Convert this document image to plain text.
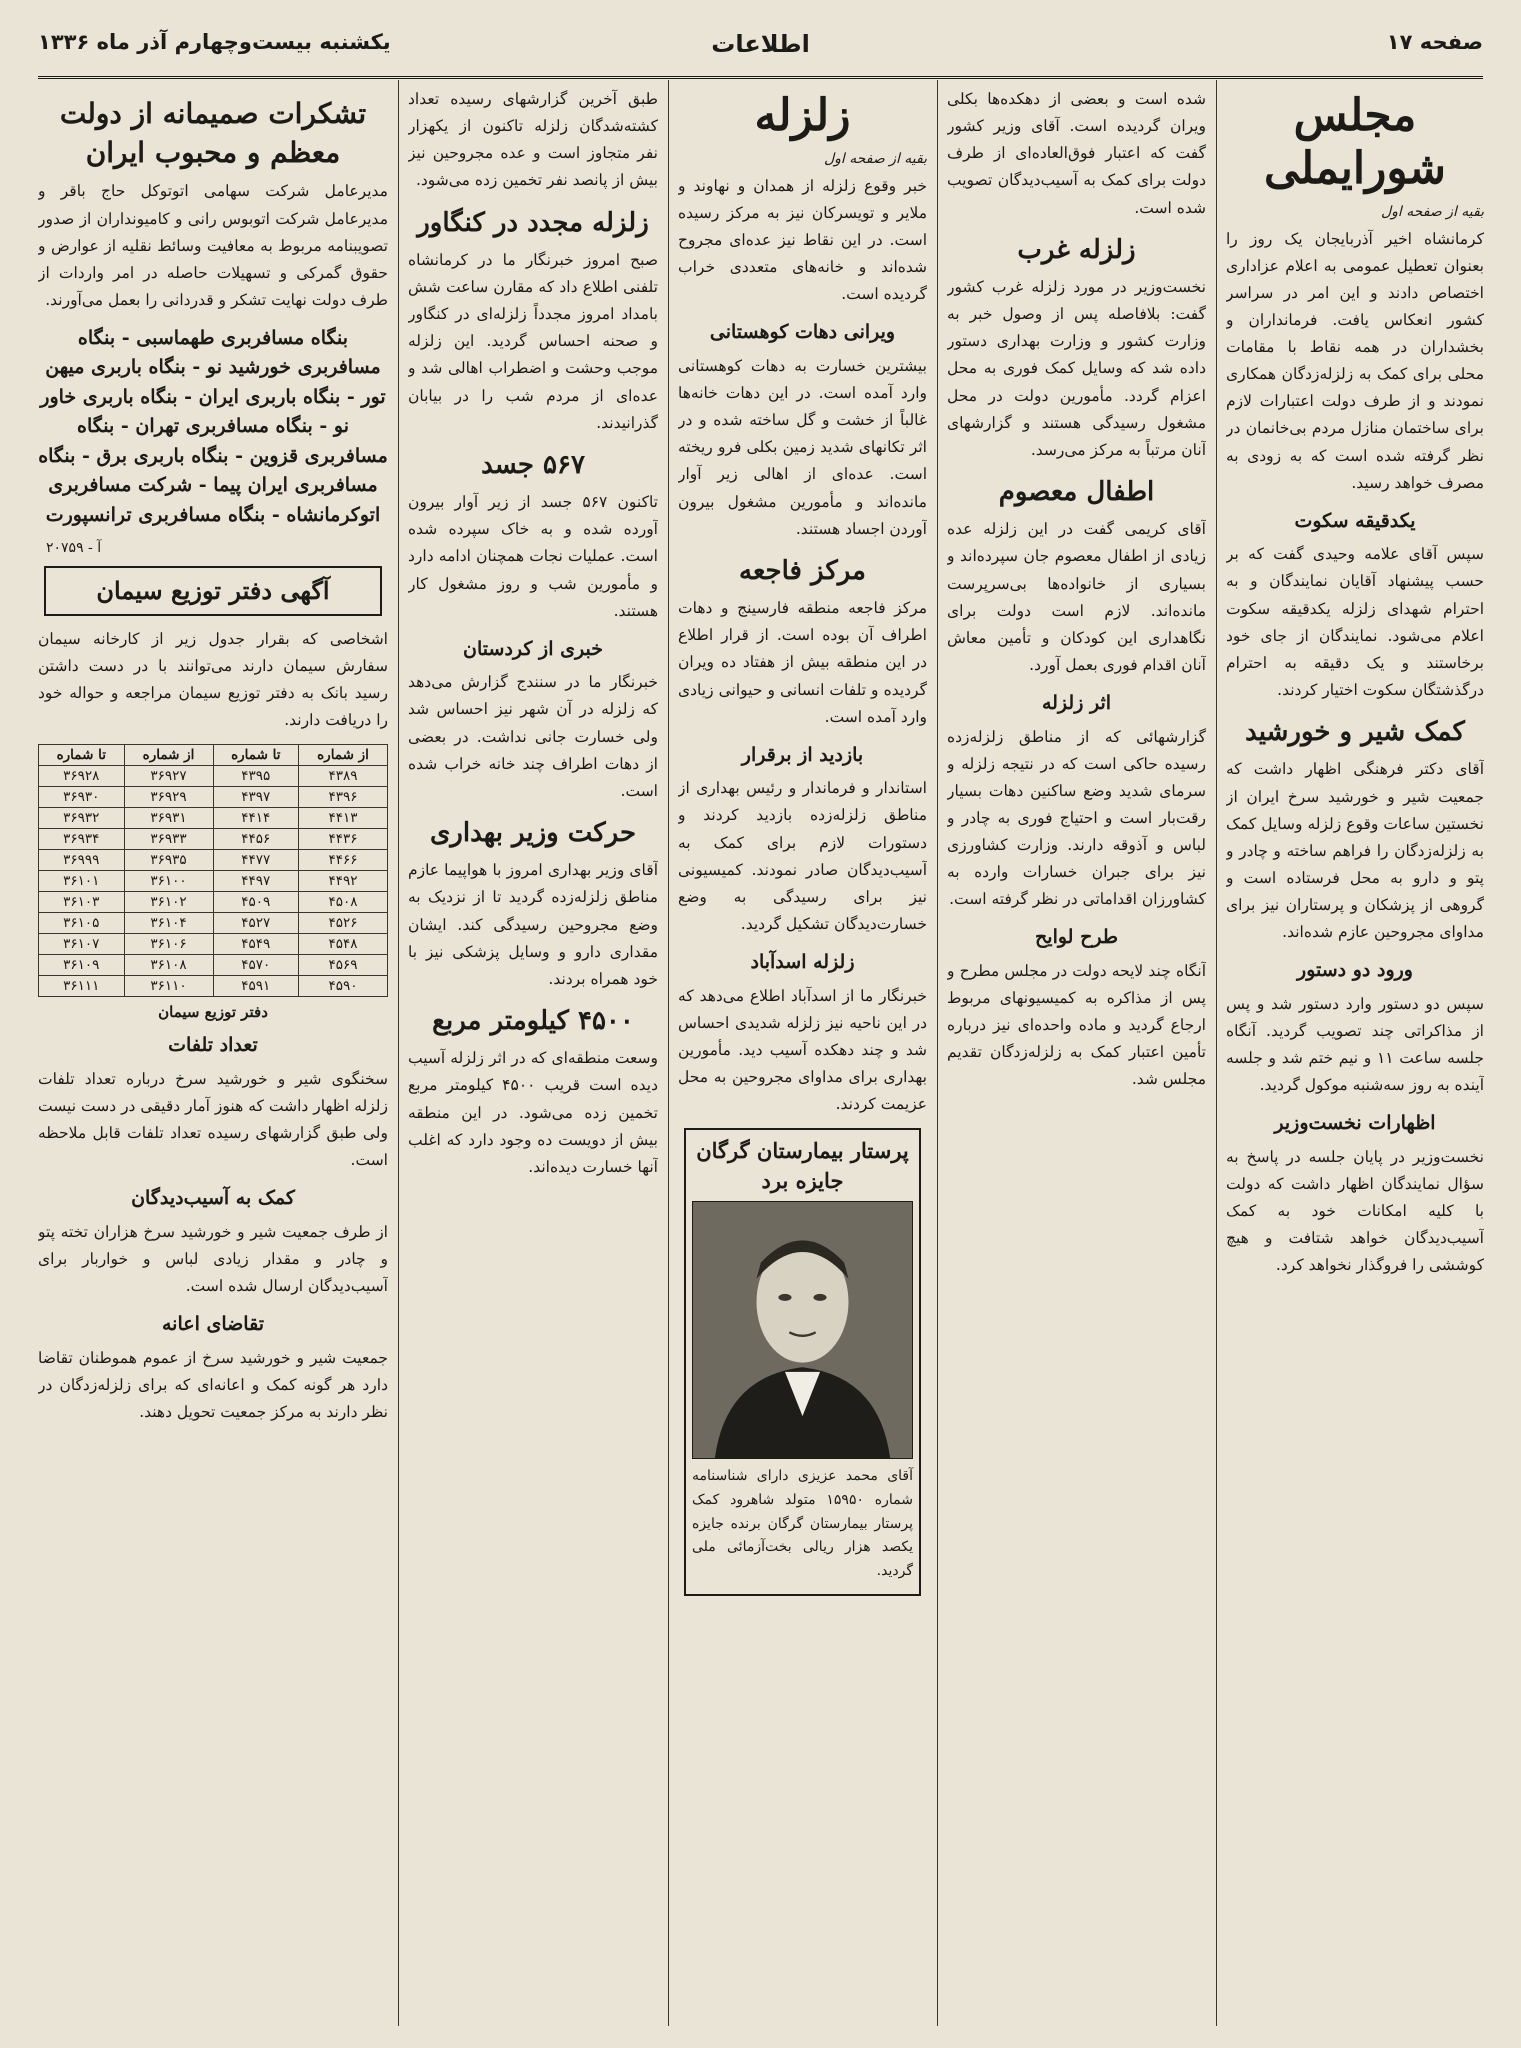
یکشنبه بیست‌وچهارم آذر ماه ۱۳۳۶	اطلاعات	صفحه ۱۷
مجلس شورایملی
بقیه از صفحه اول

کرمانشاه اخیر آذربایجان یک روز را بعنوان تعطیل عمومی به اعلام عزاداری اختصاص دادند و این امر در سراسر کشور انعکاس یافت. فرمانداران و بخشداران در همه نقاط با مقامات محلی برای کمک به زلزله‌زدگان همکاری نمودند و از طرف دولت اعتبارات لازم برای ساختمان منازل مردم بی‌خانمان در نظر گرفته شده است که به زودی به مصرف خواهد رسید.

یکدقیقه سکوت

سپس آقای علامه وحیدی گفت که بر حسب پیشنهاد آقایان نمایندگان و به احترام شهدای زلزله یکدقیقه سکوت اعلام می‌شود. نمایندگان از جای خود برخاستند و یک دقیقه به احترام درگذشتگان سکوت اختیار کردند.

کمک شیر و خورشید

آقای دکتر فرهنگی اظهار داشت که جمعیت شیر و خورشید سرخ ایران از نخستین ساعات وقوع زلزله وسایل کمک به زلزله‌زدگان را فراهم ساخته و چادر و پتو و دارو به محل فرستاده است و گروهی از پزشکان و پرستاران نیز برای مداوای مجروحین عازم شده‌اند.

ورود دو دستور

سپس دو دستور وارد دستور شد و پس از مذاکراتی چند تصویب گردید. آنگاه جلسه ساعت ۱۱ و نیم ختم شد و جلسه آینده به روز سه‌شنبه موکول گردید.

اظهارات نخست‌وزیر

نخست‌وزیر در پایان جلسه در پاسخ به سؤال نمایندگان اظهار داشت که دولت با کلیه امکانات خود به کمک آسیب‌دیدگان خواهد شتافت و هیچ کوششی را فروگذار نخواهد کرد.

شده است و بعضی از دهکده‌ها بکلی ویران گردیده است. آقای وزیر کشور گفت که اعتبار فوق‌العاده‌ای از طرف دولت برای کمک به آسیب‌دیدگان تصویب شده است.

زلزله غرب

نخست‌وزیر در مورد زلزله غرب کشور گفت: بلافاصله پس از وصول خبر به وزارت کشور و وزارت بهداری دستور داده شد که وسایل کمک فوری به محل اعزام گردد. مأمورین دولت در محل مشغول رسیدگی هستند و گزارشهای آنان مرتباً به مرکز می‌رسد.

اطفال معصوم

آقای کریمی گفت در این زلزله عده زیادی از اطفال معصوم جان سپرده‌اند و بسیاری از خانواده‌ها بی‌سرپرست مانده‌اند. لازم است دولت برای نگاهداری این کودکان و تأمین معاش آنان اقدام فوری بعمل آورد.

اثر زلزله

گزارشهائی که از مناطق زلزله‌زده رسیده حاکی است که در نتیجه زلزله و سرمای شدید وضع ساکنین دهات بسیار رقت‌بار است و احتیاج فوری به چادر و لباس و آذوقه دارند. وزارت کشاورزی نیز برای جبران خسارات وارده به کشاورزان اقداماتی در نظر گرفته است.

طرح لوایح

آنگاه چند لایحه دولت در مجلس مطرح و پس از مذاکره به کمیسیونهای مربوط ارجاع گردید و ماده واحده‌ای نیز درباره تأمین اعتبار کمک به زلزله‌زدگان تقدیم مجلس شد.

زلزله
بقیه از صفحه اول

خبر وقوع زلزله از همدان و نهاوند و ملایر و تویسرکان نیز به مرکز رسیده است. در این نقاط نیز عده‌ای مجروح شده‌اند و خانه‌های متعددی خراب گردیده است.

ویرانی دهات کوهستانی

بیشترین خسارت به دهات کوهستانی وارد آمده است. در این دهات خانه‌ها غالباً از خشت و گل ساخته شده و در اثر تکانهای شدید زمین بکلی فرو ریخته است. عده‌ای از اهالی زیر آوار مانده‌اند و مأمورین مشغول بیرون آوردن اجساد هستند.

مرکز فاجعه

مرکز فاجعه منطقه فارسینج و دهات اطراف آن بوده است. از قرار اطلاع در این منطقه بیش از هفتاد ده ویران گردیده و تلفات انسانی و حیوانی زیادی وارد آمده است.

بازدید از برقرار

استاندار و فرماندار و رئیس بهداری از مناطق زلزله‌زده بازدید کردند و دستورات لازم برای کمک به آسیب‌دیدگان صادر نمودند. کمیسیونی نیز برای رسیدگی به وضع خسارت‌دیدگان تشکیل گردید.

زلزله اسدآباد

خبرنگار ما از اسدآباد اطلاع می‌دهد که در این ناحیه نیز زلزله شدیدی احساس شد و چند دهکده آسیب دید. مأمورین بهداری برای مداوای مجروحین به محل عزیمت کردند.

پرستار بیمارستان گرگان جایزه برد
آقای محمد عزیزی دارای شناسنامه شماره ۱۵۹۵۰ متولد شاهرود کمک پرستار بیمارستان گرگان برنده جایزه یکصد هزار ریالی بخت‌آزمائی ملی گردید.

طبق آخرین گزارشهای رسیده تعداد کشته‌شدگان زلزله تاکنون از یکهزار نفر متجاوز است و عده مجروحین نیز بیش از پانصد نفر تخمین زده می‌شود.

زلزله مجدد در کنگاور

صبح امروز خبرنگار ما در کرمانشاه تلفنی اطلاع داد که مقارن ساعت شش بامداد امروز مجدداً زلزله‌ای در کنگاور و صحنه احساس گردید. این زلزله موجب وحشت و اضطراب اهالی شد و عده‌ای از مردم شب را در بیابان گذرانیدند.

۵۶۷ جسد

تاکنون ۵۶۷ جسد از زیر آوار بیرون آورده شده و به خاک سپرده شده است. عملیات نجات همچنان ادامه دارد و مأمورین شب و روز مشغول کار هستند.

خبری از کردستان

خبرنگار ما در سنندج گزارش می‌دهد که زلزله در آن شهر نیز احساس شد ولی خسارت جانی نداشت. در بعضی از دهات اطراف چند خانه خراب شده است.

حرکت وزیر بهداری

آقای وزیر بهداری امروز با هواپیما عازم مناطق زلزله‌زده گردید تا از نزدیک به وضع مجروحین رسیدگی کند. ایشان مقداری دارو و وسایل پزشکی نیز با خود همراه بردند.

۴۵۰۰ کیلومتر مربع

وسعت منطقه‌ای که در اثر زلزله آسیب دیده است قریب ۴۵۰۰ کیلومتر مربع تخمین زده می‌شود. در این منطقه بیش از دویست ده وجود دارد که اغلب آنها خسارت دیده‌اند.

تشکرات صمیمانه از دولت معظم و محبوب ایران

مدیرعامل شرکت سهامی اتوتوکل حاج باقر و مدیرعامل شرکت اتوبوس رانی و کامیونداران از صدور تصویبنامه مربوط به معافیت وسائط نقلیه از عوارض و حقوق گمرکی و تسهیلات حاصله در امر واردات از طرف دولت نهایت تشکر و قدردانی را بعمل می‌آورند.

بنگاه مسافربری طهماسبی - بنگاه مسافربری خورشید نو - بنگاه باربری میهن تور - بنگاه باربری ایران - بنگاه باربری خاور نو - بنگاه مسافربری تهران - بنگاه مسافربری قزوین - بنگاه باربری برق - بنگاه مسافربری ایران پیما - شرکت مسافربری اتوکرمانشاه - بنگاه مسافربری ترانسپورت
آ - ۲۰۷۵۹
آگهی دفتر توزیع سیمان

اشخاصی که بقرار جدول زیر از کارخانه سیمان سفارش سیمان دارند می‌توانند با در دست داشتن رسید بانک به دفتر توزیع سیمان مراجعه و حواله خود را دریافت دارند.

از شماره	تا شماره	از شماره	تا شماره
۴۳۸۹	۴۳۹۵	۳۶۹۲۷	۳۶۹۲۸
۴۳۹۶	۴۳۹۷	۳۶۹۲۹	۳۶۹۳۰
۴۴۱۳	۴۴۱۴	۳۶۹۳۱	۳۶۹۳۲
۴۴۳۶	۴۴۵۶	۳۶۹۳۳	۳۶۹۳۴
۴۴۶۶	۴۴۷۷	۳۶۹۳۵	۳۶۹۹۹
۴۴۹۲	۴۴۹۷	۳۶۱۰۰	۳۶۱۰۱
۴۵۰۸	۴۵۰۹	۳۶۱۰۲	۳۶۱۰۳
۴۵۲۶	۴۵۲۷	۳۶۱۰۴	۳۶۱۰۵
۴۵۴۸	۴۵۴۹	۳۶۱۰۶	۳۶۱۰۷
۴۵۶۹	۴۵۷۰	۳۶۱۰۸	۳۶۱۰۹
۴۵۹۰	۴۵۹۱	۳۶۱۱۰	۳۶۱۱۱
دفتر توزیع سیمان
تعداد تلفات

سخنگوی شیر و خورشید سرخ درباره تعداد تلفات زلزله اظهار داشت که هنوز آمار دقیقی در دست نیست ولی طبق گزارشهای رسیده تعداد تلفات قابل ملاحظه است.

کمک به آسیب‌دیدگان

از طرف جمعیت شیر و خورشید سرخ هزاران تخته پتو و چادر و مقدار زیادی لباس و خواربار برای آسیب‌دیدگان ارسال شده است.

تقاضای اعانه

جمعیت شیر و خورشید سرخ از عموم هموطنان تقاضا دارد هر گونه کمک و اعانه‌ای که برای زلزله‌زدگان در نظر دارند به مرکز جمعیت تحویل دهند.
